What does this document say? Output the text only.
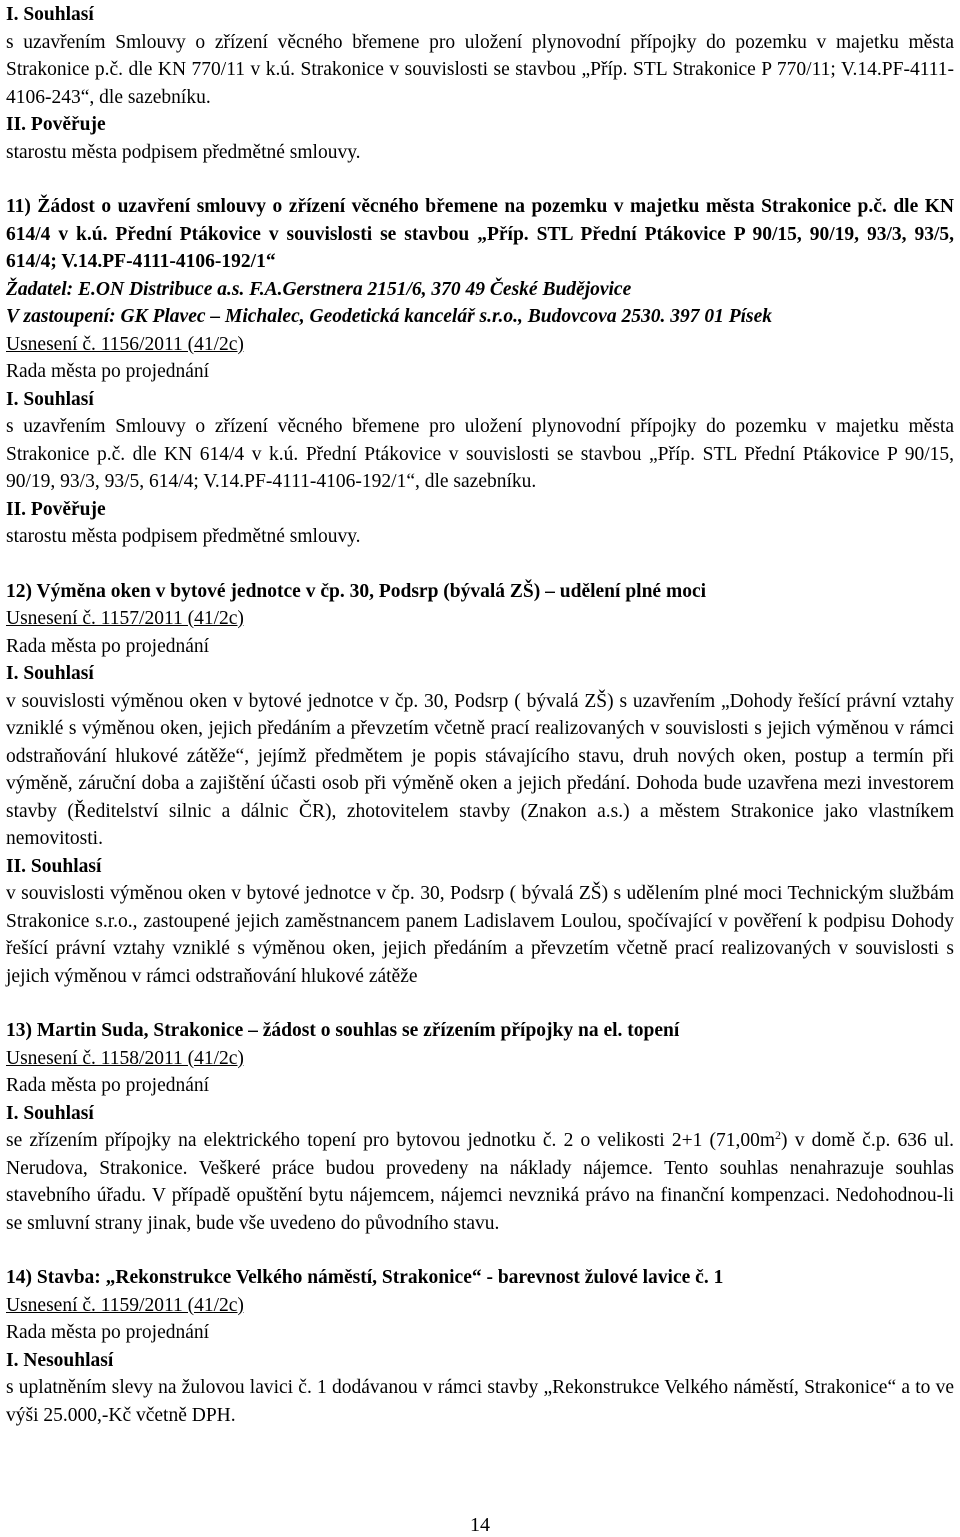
I. Souhlasí

s uzavřením Smlouvy o zřízení věcného břemene pro uložení plynovodní přípojky do pozemku v majetku města Strakonice p.č. dle KN 770/11 v k.ú. Strakonice v souvislosti se stavbou „Příp. STL Strakonice P 770/11; V.14.PF-4111-4106-243“, dle sazebníku.

II. Pověřuje

starostu města podpisem předmětné smlouvy.

11) Žádost o uzavření smlouvy o zřízení věcného břemene na pozemku v majetku města Strakonice p.č. dle KN 614/4 v k.ú. Přední Ptákovice v souvislosti se stavbou „Příp. STL Přední Ptákovice P 90/15, 90/19, 93/3, 93/5, 614/4; V.14.PF-4111-4106-192/1“

Žadatel: E.ON Distribuce a.s. F.A.Gerstnera 2151/6, 370 49 České Budějovice

V zastoupení: GK Plavec – Michalec, Geodetická kancelář s.r.o., Budovcova 2530. 397 01 Písek

Usnesení č. 1156/2011 (41/2c)

Rada města po projednání

I. Souhlasí

s uzavřením Smlouvy o zřízení věcného břemene pro uložení plynovodní přípojky do pozemku v majetku města Strakonice p.č. dle KN 614/4 v k.ú. Přední Ptákovice v souvislosti se stavbou „Příp. STL Přední Ptákovice P 90/15, 90/19, 93/3, 93/5, 614/4; V.14.PF-4111-4106-192/1“, dle sazebníku.

II. Pověřuje

starostu města podpisem předmětné smlouvy.

12) Výměna oken v bytové jednotce v čp. 30, Podsrp (bývalá ZŠ) – udělení plné moci

Usnesení č. 1157/2011 (41/2c)

Rada města po projednání

I. Souhlasí

v souvislosti výměnou oken v bytové jednotce v čp. 30, Podsrp ( bývalá ZŠ) s uzavřením „Dohody řešící právní vztahy vzniklé s výměnou oken, jejich předáním a převzetím včetně prací realizovaných v souvislosti s jejich výměnou v rámci odstraňování hlukové zátěže“, jejímž předmětem je popis stávajícího stavu, druh nových oken, postup a termín při výměně, záruční doba a zajištění účasti osob při výměně oken a jejich předání. Dohoda bude uzavřena mezi investorem stavby (Ředitelství silnic a dálnic ČR), zhotovitelem stavby (Znakon a.s.) a městem Strakonice jako vlastníkem nemovitosti.

II. Souhlasí

v souvislosti výměnou oken v bytové jednotce v čp. 30, Podsrp ( bývalá ZŠ) s udělením plné moci Technickým službám Strakonice s.r.o., zastoupené jejich zaměstnancem panem Ladislavem Loulou, spočívající v pověření k podpisu Dohody řešící právní vztahy vzniklé s výměnou oken, jejich předáním a převzetím včetně prací realizovaných v souvislosti s jejich výměnou v rámci odstraňování hlukové zátěže

13) Martin Suda, Strakonice – žádost o souhlas se zřízením přípojky na el. topení

Usnesení č. 1158/2011 (41/2c)

Rada města po projednání

I. Souhlasí

se zřízením přípojky na elektrického topení pro bytovou jednotku č. 2 o velikosti 2+1 $(71,00m^2)$ v domě č.p. 636 ul. Nerudova, Strakonice. Veškeré práce budou provedeny na náklady nájemce. Tento souhlas nenahrazuje souhlas stavebního úřadu. V případě opuštění bytu nájemcem, nájemci nevzniká právo na finanční kompenzaci. Nedohodnou-li se smluvní strany jinak, bude vše uvedeno do původního stavu.

14) Stavba: „Rekonstrukce Velkého náměstí, Strakonice“ - barevnost žulové lavice č. 1

Usnesení č. 1159/2011 (41/2c)

Rada města po projednání

I. Nesouhlasí

s uplatněním slevy na žulovou lavici č. 1 dodávanou v rámci stavby „Rekonstrukce Velkého náměstí, Strakonice“ a to ve výši 25.000,-Kč včetně DPH.

14
